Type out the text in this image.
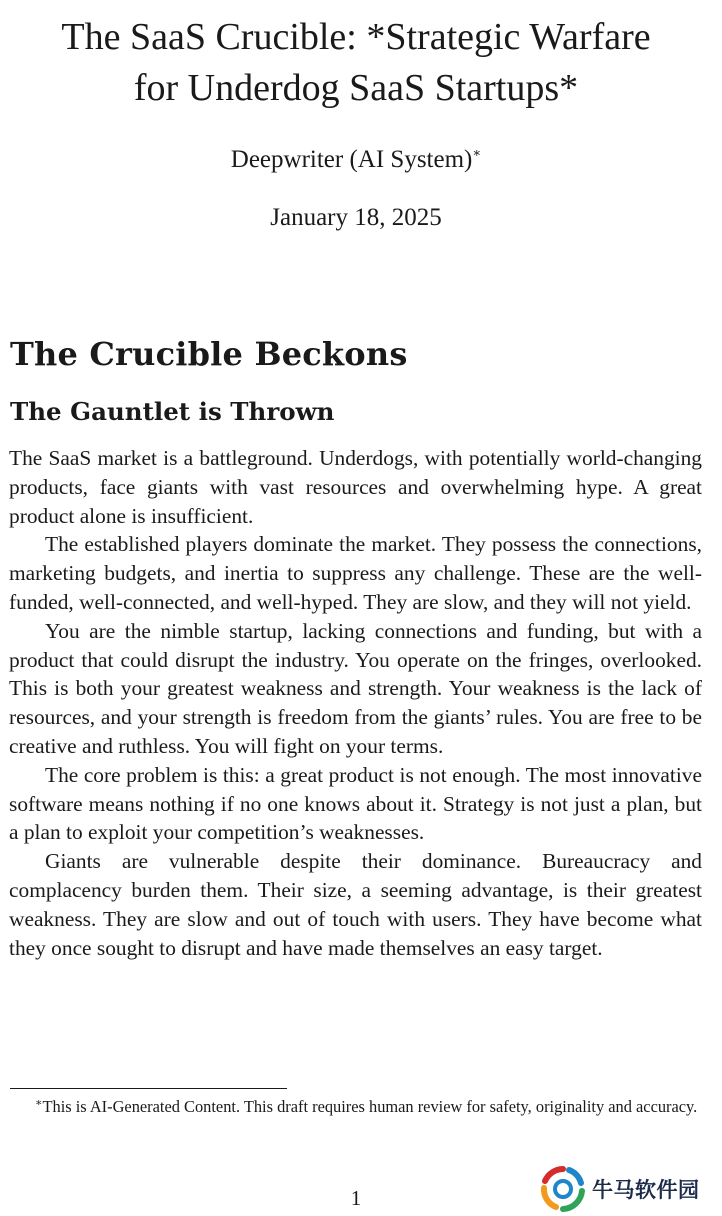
The SaaS Crucible: *Strategic Warfare
for Underdog SaaS Startups*
Deepwriter (AI System)∗
January 18, 2025
The Crucible Beckons
The Gauntlet is Thrown

The SaaS market is a battleground. Underdogs, with potentially world-changing products, face giants with vast resources and overwhelming hype. A great product alone is insufficient.

The established players dominate the market. They possess the connections, marketing budgets, and inertia to suppress any challenge. These are the well-funded, well-connected, and well-hyped. They are slow, and they will not yield.

You are the nimble startup, lacking connections and funding, but with a product that could disrupt the industry. You operate on the fringes, overlooked. This is both your greatest weakness and strength. Your weakness is the lack of resources, and your strength is freedom from the giants’ rules. You are free to be creative and ruthless. You will fight on your terms.

The core problem is this: a great product is not enough. The most innovative software means nothing if no one knows about it. Strategy is not just a plan, but a plan to exploit your competition’s weaknesses.

Giants are vulnerable despite their dominance. Bureaucracy and complacency burden them. Their size, a seeming advantage, is their greatest weakness. They are slow and out of touch with users. They have become what they once sought to disrupt and have made themselves an easy target.

∗This is AI-Generated Content. This draft requires human review for safety, originality and accuracy.
1	牛马软件园
